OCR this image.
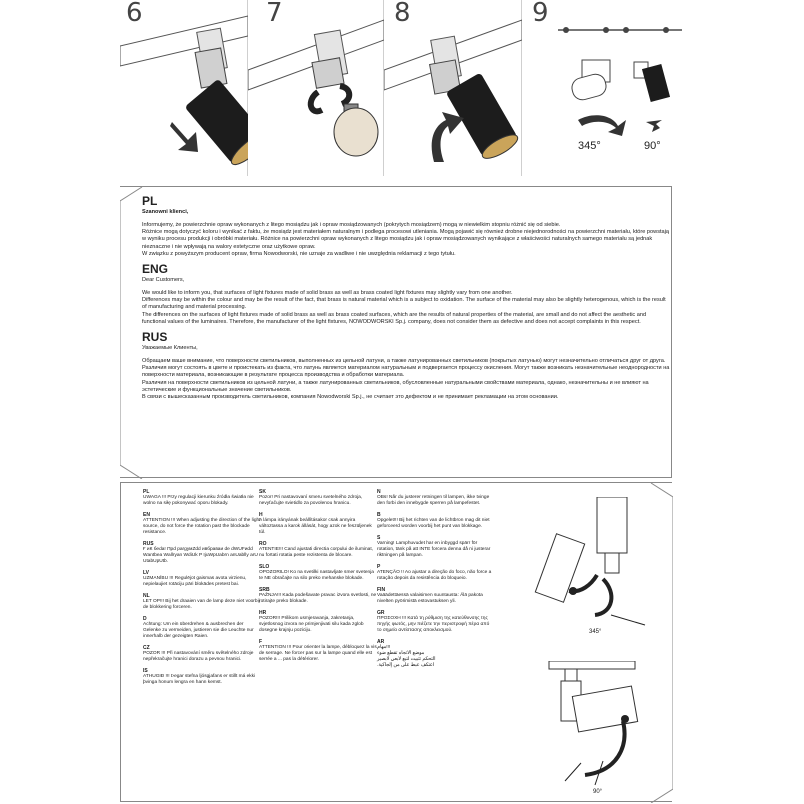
6	7	8	9
345°	90°
PL
Szanowni klienci,

Informujemy, że powierzchnie opraw wykonanych z litego mosiądzu jak i opraw mosiądzowanych (pokrytych mosiądzem) mogą w niewielkim stopniu różnić się od siebie.

Różnice mogą dotyczyć koloru i wynikać z faktu, że mosiądz jest materiałem naturalnym i podlega procesowi utleniania. Mogą pojawić się również drobne niejednorodności na powierzchni materiału, które powstają w wyniku procesu produkcji i obróbki materiału. Różnice na powierzchni opraw wykonanych z litego mosiądzu jak i opraw mosiądzowanych wynikające z właściwości naturalnych samego materiału są jednak nieznaczne i nie wpływają na walory estetyczne oraz użytkowe opraw.

W związku z powyższym producent opraw, firma Nowodworski, nie uznaje za wadliwe i nie uwzględnia reklamacji z tego tytułu.

ENG
Dear Customers,

We would like to inform you, that surfaces of light fixtures made of solid brass as well as brass coated light fixtures may slightly vary from one another.

Differences may be within the colour and may be the result of the fact, that brass is natural material which is a subject to oxidation. The surface of the material may also be slightly heterogenous, which is the result of manufacturing and material processing.

The differences on the surfaces of light fixtures made of solid brass as well as brass coated surfaces, which are the results of natural properties of the material, are small and do not affect the aesthetic and functional values of the luminaires. Therefore, the manufacturer of the light fixtures, NOWODWORSKI Sp.j. company, does not consider them as defective and does not accept complaints in this respect.

RUS
Уважаемые Клиенты,

Обращаем ваше внимание, что поверхности светильников, выполненных из цельной латуни, а также латунированных светильников (покрытых латунью) могут незначительно отличаться друг от друга.

Различия могут состоять в цвете и проистекать из факта, что латунь является материалом натуральным и подвергается процессу окисления. Могут также возникать незначительные неоднородности на поверхности материала, возникающие в результате процесса производства и обработки материала.

Различия на поверхности светильников из цельной латуни, а также латунированных светильников, обусловленные натуральными свойствами материала, однако, незначительны и не влияют на эстетические и функциональные значение светильников.

В связи с вышесказанным производитель светильников, компания Nowodworski Sp.j., не считает это дефектом и не принимает рекламации на этом основании.

PL
UWAGA !!! Przy regulacji kierunku źródła światła nie wolno na siłę pokonywać oporu blokady.
EN
ATTENTION !!! When adjusting the direction of the light source, do not force the rotation past the blockade resistance.
RUS
Ғ иК беdа! Прd рargумZdd ивбраваи de dWUFиdd Wаntbea Wаllryan WdiUk P IjuWpUabrn anUablly arU UtabUpUtb.
LV
UZMANĪBU !!! Regulējot gaismas avota virzienu, nepielaujiet rotāciju pāri blokādes pretest bai.
NL
LET OP!!! Bij het draaien van de lamp deze niet voorbij de blokkering forceren.
D
Achtung: Um ein überdrehen & ausbrechen der Gelenke zu vermeiden, justieren sie die Leuchte nur innerhalb der gezeigten Raien.
CZ
POZOR !!! Při nastavování směru světelného zdroje nepřekračujte hranici dorazu a pevnou hranici.
IS
ATHUGIÐ !!! Þegar stefna ljósgjafans er stillt má ekki þvinga honum lengra en hann kemst.
SK
Pozor! Pri nastavovaní smeru svetelného zdroja, nevyťačujte svietidlo za povolenou hranicu.
H
A lámpa irányának beállításakor csak annyira változtassa a karok állását, hogy azok ne feszüljenek túl.
RO
ATENTIE!!! Cand ajustati directia corpului de iluminat, nu fortati rotatia peste rezistenta de blocare.
SLO
OPOZORILO! Ko na svetilki nastavljate smer svetenja te NE obračajte na silo preko mehanske blokade.
SRB
PAŽNJA!!! Kada podešavate pravac izvora svetlosti, ne rotirajte preko blokade.
HR
POZOR!!! Prilikom usmjeravanja, zakretanja, svjetlosnog izvora ne primjenjivati silu kada zglob dosegne krajnju poziciju.
F
ATTENTION !!! Pour orienter la lampe, débloquez la vis de serrage. Ne forcer pas sur la lampe quand elle est serrée a ... pas la détériorer.
N
OBs! Når du justerer retningen til lampen, ikke tvinge den forbi den innebygde sperren på lampefestet.
B
Opgelet!!! Bij het richten van de lichtbron mag dit niet geforceerd worden voorbij het punt van blokkage.
S
Varning! Lamphuvudet har en inbyggd spärr för rotation, tänk på att INTE forcera denna då ni justerar riktningen på lampan.
P
ATENÇÃO !! Ao ajustar a direção do foco, não force a rotação depois da resistência do bloqueio.
FIN
Vaäädettäessä valaisimen suuntausta: Älä pakota nivelten pyörimistä estovastuksen yli.
GR
ΠΡΟΣΟΧΗ !!! Κατά τη ρύθμιση της κατεύθυνσης της πηγής φωτός, μην πιέζετε την περιστροφή πέρα από το σημείο αντίστασης αποκλεισμού.
AR
!!!مهام
موضع الاتجاه تقطع ضوء
التحكم تثبيت لتبع لابعي لابصير
اعتكف عبط على من إلجاكية.
345°
90°
